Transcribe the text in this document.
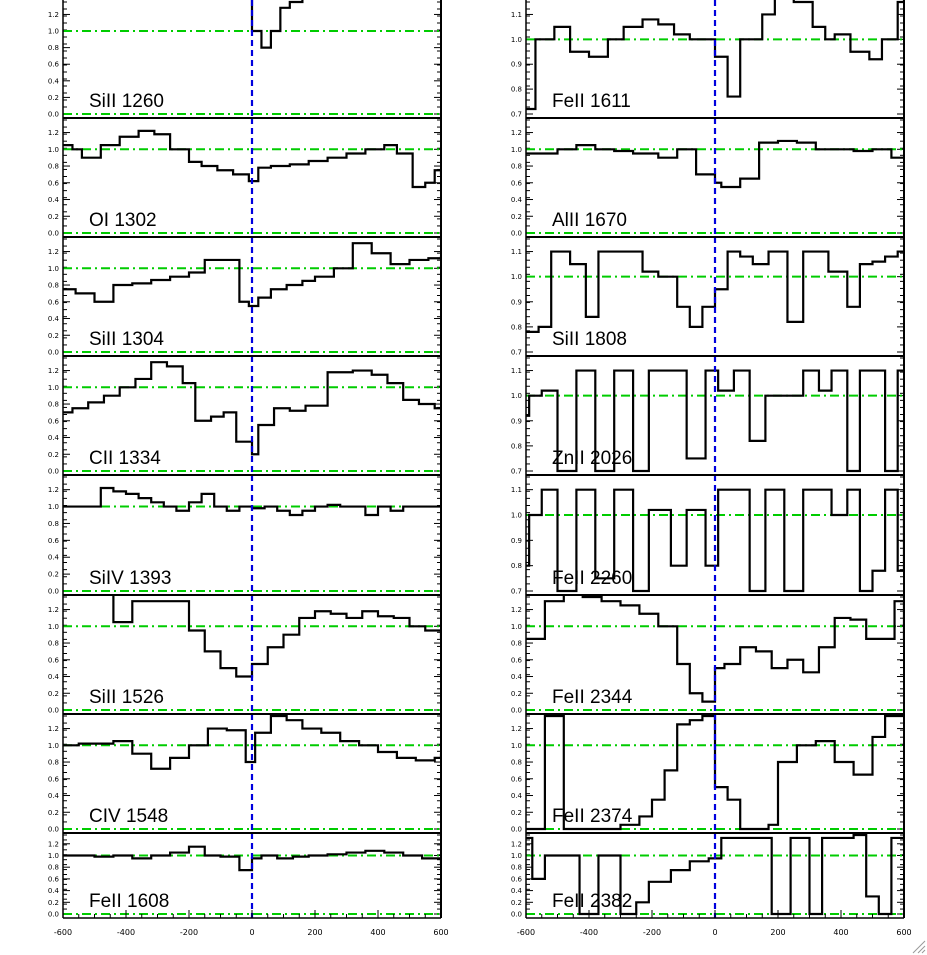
0.0
0.2
0.4
0.6
0.8
1.0
1.2
SiII 1260
0.0
0.2
0.4
0.6
0.8
1.0
1.2
OI 1302
0.0
0.2
0.4
0.6
0.8
1.0
1.2
SiII 1304
0.0
0.2
0.4
0.6
0.8
1.0
1.2
CII 1334
0.0
0.2
0.4
0.6
0.8
1.0
1.2
SiIV 1393
0.0
0.2
0.4
0.6
0.8
1.0
1.2
SiII 1526
0.0
0.2
0.4
0.6
0.8
1.0
1.2
CIV 1548
0.0
0.2
0.4
0.6
0.8
1.0
1.2
FeII 1608
-600	-400	-200	0	200	400	600
0.7
0.8
0.9
1.0
1.1
FeII 1611
0.0
0.2
0.4
0.6
0.8
1.0
1.2
AlII 1670
0.7
0.8
0.9
1.0
1.1
SiII 1808
0.7
0.8
0.9
1.0
1.1
ZnII 2026
0.7
0.8
0.9
1.0
1.1
FeII 2260
0.0
0.2
0.4
0.6
0.8
1.0
1.2
FeII 2344
0.0
0.2
0.4
0.6
0.8
1.0
1.2
FeII 2374
0.0
0.2
0.4
0.6
0.8
1.0
1.2
FeII 2382
-600	-400	-200	0	200	400	600
